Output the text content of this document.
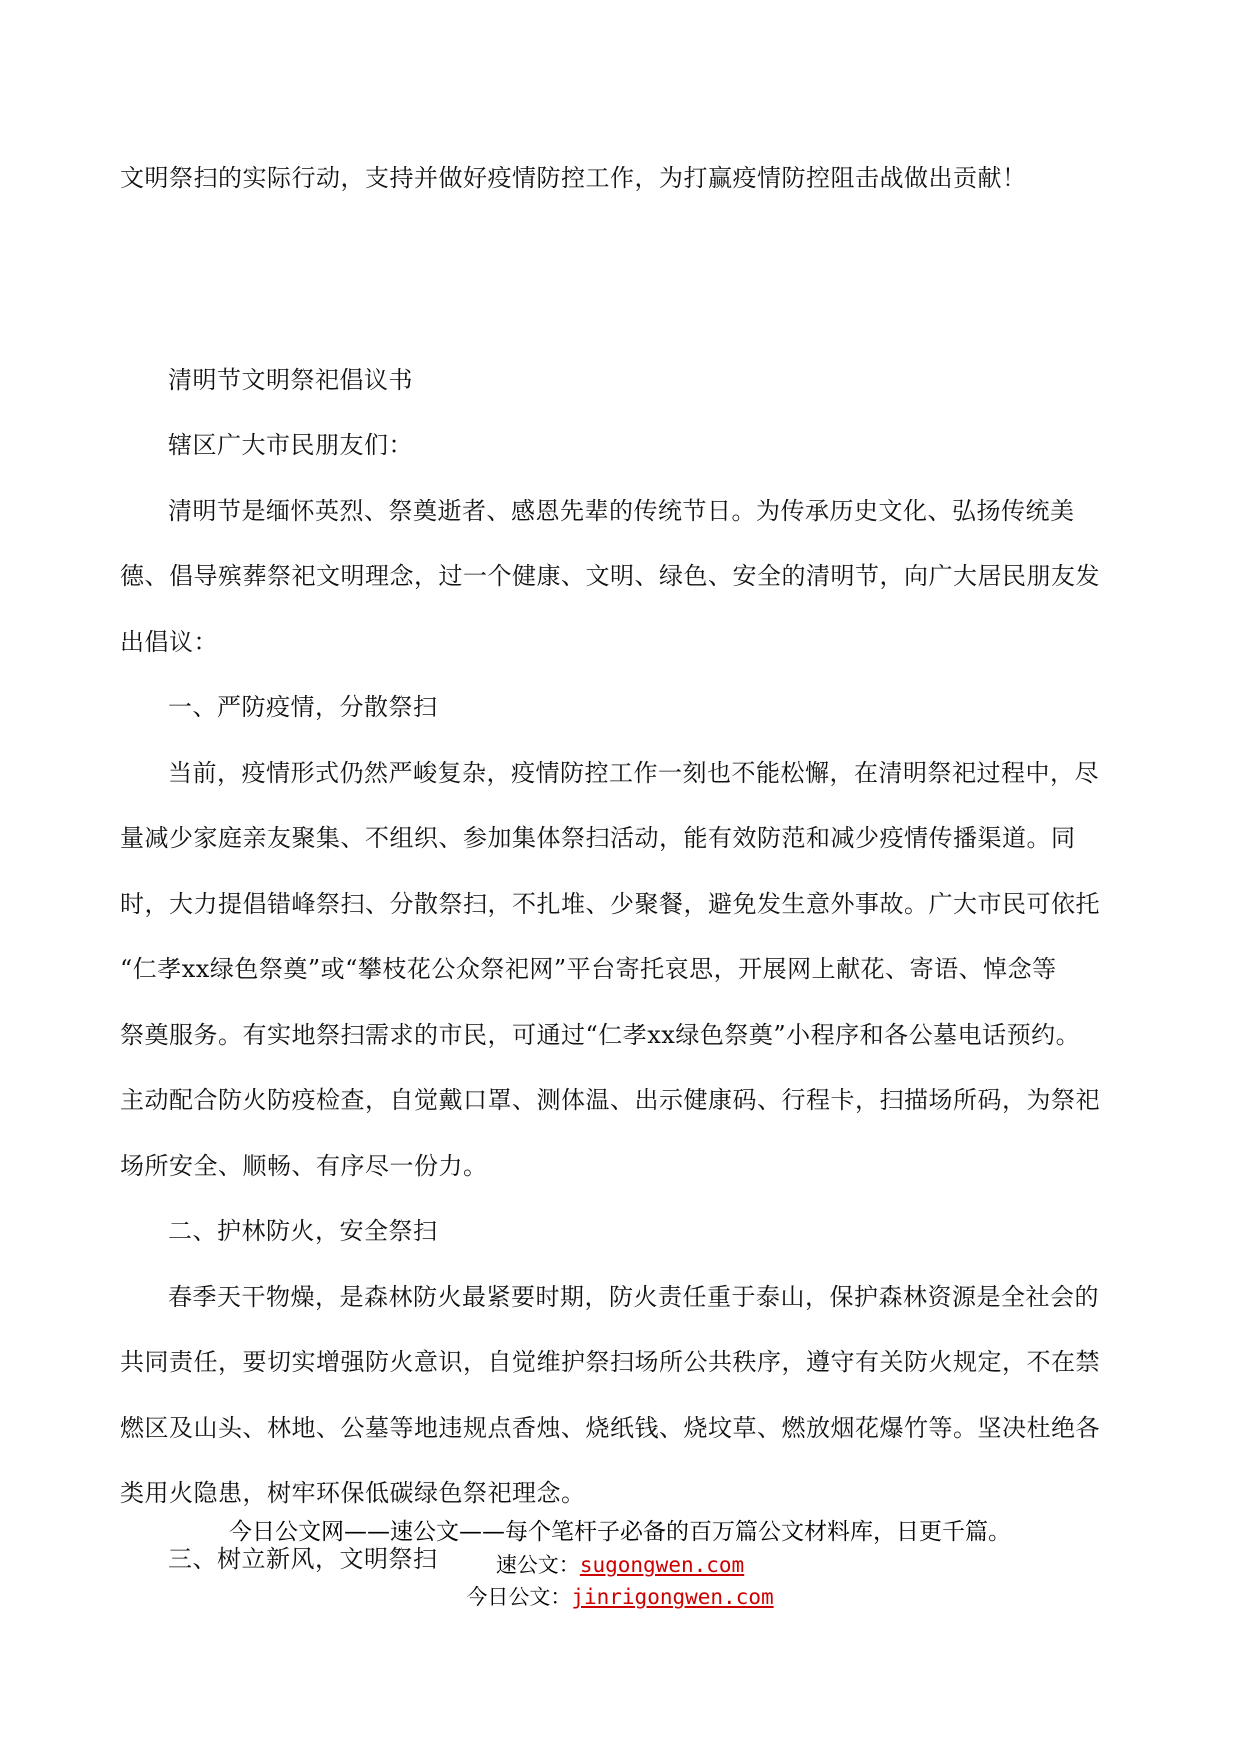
文明祭扫的实际行动，支持并做好疫情防控工作，为打赢疫情防控阻击战做出贡献！

清明节文明祭祀倡议书

辖区广大市民朋友们：

清明节是缅怀英烈、祭奠逝者、感恩先辈的传统节日。为传承历史文化、弘扬传统美

德、倡导殡葬祭祀文明理念，过一个健康、文明、绿色、安全的清明节，向广大居民朋友发

出倡议：

一、严防疫情，分散祭扫

当前，疫情形式仍然严峻复杂，疫情防控工作一刻也不能松懈，在清明祭祀过程中，尽

量减少家庭亲友聚集、不组织、参加集体祭扫活动，能有效防范和减少疫情传播渠道。同

时，大力提倡错峰祭扫、分散祭扫，不扎堆、少聚餐，避免发生意外事故。广大市民可依托

“仁孝xx绿色祭奠”或“攀枝花公众祭祀网”平台寄托哀思，开展网上献花、寄语、悼念等

祭奠服务。有实地祭扫需求的市民，可通过“仁孝xx绿色祭奠”小程序和各公墓电话预约。

主动配合防火防疫检查，自觉戴口罩、测体温、出示健康码、行程卡，扫描场所码，为祭祀

场所安全、顺畅、有序尽一份力。

二、护林防火，安全祭扫

春季天干物燥，是森林防火最紧要时期，防火责任重于泰山，保护森林资源是全社会的

共同责任，要切实增强防火意识，自觉维护祭扫场所公共秩序，遵守有关防火规定，不在禁

燃区及山头、林地、公墓等地违规点香烛、烧纸钱、烧坟草、燃放烟花爆竹等。坚决杜绝各

类用火隐患，树牢环保低碳绿色祭祀理念。

三、树立新风，文明祭扫

今日公文网——速公文——每个笔杆子必备的百万篇公文材料库，日更千篇。

速公文：sugongwen.com

今日公文：jinrigongwen.com
